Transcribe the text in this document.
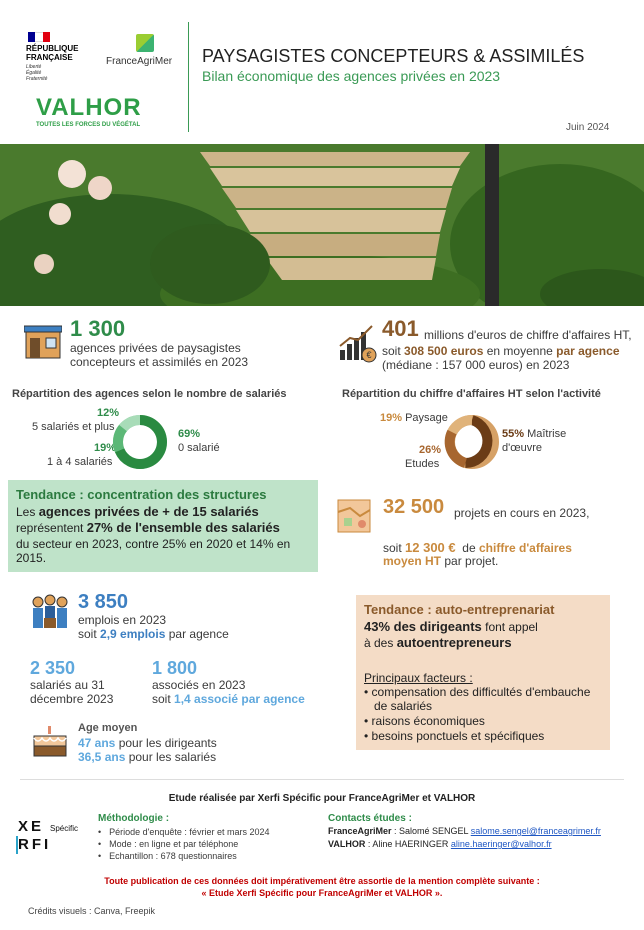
RÉPUBLIQUE
FRANÇAISE
Liberté
Égalité
Fraternité
FranceAgriMer
VALHOR
TOUTES LES FORCES DU VÉGÉTAL
PAYSAGISTES CONCEPTEURS & ASSIMILÉS
Bilan économique des agences privées en 2023
Juin 2024
1 300
agences privées de paysagistes
concepteurs et assimilés en 2023	€
401 millions d'euros de chiffre d'affaires HT,
soit 308 500 euros en moyenne par agence
(médiane : 157 000 euros) en 2023
Répartition des agences selon le nombre de salariés
12%
5 salariés et plus
19%
1 à 4 salariés
69%
0 salarié
Répartition du chiffre d'affaires HT selon l'activité
19% Paysage
26%
Etudes
55% Maîtrise
d'œuvre
Tendance : concentration des structures
Les agences privées de + de 15 salariés
représentent 27% de l'ensemble des salariés
du secteur en 2023, contre 25% en 2020 et 14% en
2015.
32 500 projets en cours en 2023,
soit 12 300 € de chiffre d'affaires
moyen HT par projet.
3 850
emplois en 2023
soit 2,9 emplois par agence
2 350
salariés au 31
décembre 2023
1 800
associés en 2023
soit 1,4 associé par agence
Age moyen
47 ans pour les dirigeants
36,5 ans pour les salariés
Tendance : auto-entreprenariat
43% des dirigeants font appel
à des autoentrepreneurs
Principaux facteurs :
• compensation des difficultés d'embauche
de salariés
• raisons économiques
• besoins ponctuels et spécifiques
Etude réalisée par Xerfi Spécific pour FranceAgriMer et VALHOR
XE
RFI
Spécific
Méthodologie :
• Période d'enquête : février et mars 2024
• Mode : en ligne et par téléphone
• Echantillon : 678 questionnaires
Contacts études :
FranceAgriMer : Salomé SENGEL salome.sengel@franceagrimer.fr
VALHOR : Aline HAERINGER aline.haeringer@valhor.fr
Toute publication de ces données doit impérativement être assortie de la mention complète suivante :
« Etude Xerfi Spécific pour FranceAgriMer et VALHOR ».
Crédits visuels : Canva, Freepik
